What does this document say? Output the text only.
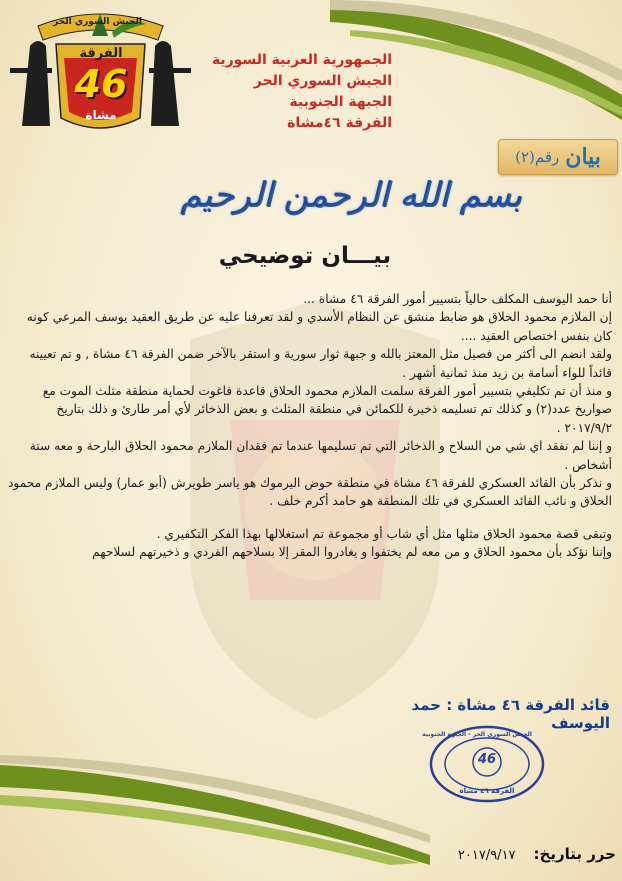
الجيش السوري الحر
الفرقة
46
مشاة
الجمهورية العربية السورية
الجيش السوري الحر
الجبهة الجنوبية
الفرقة ٤٦مشاة
بيان
رقم(٢)
بسم الله الرحمن الرحيم
بيـــان توضيحي

أنا حمد اليوسف المكلف حالياً بتسيير أمور الفرقة ٤٦ مشاة ...

إن الملازم محمود الحلاق هو ضابط منشق عن النظام الأسدي و لقد تعرفنا عليه عن طريق العقيد يوسف المرعي كونه كان بنفس اختصاص العقيد ....

ولقد انضم الى أكثر من فصيل مثل المعتز بالله و جبهة ثوار سورية و استقر بالآخر ضمن الفرقة ٤٦ مشاة , و تم تعيينه قائداً للواء أسامة بن زيد منذ ثمانية أشهر .

و منذ أن تم تكليفي بتسيير أمور الفرقة سلمت الملازم محمود الحلاق قاعدة فاغوت لحماية منطقة مثلث الموت مع صواريخ عدد(٢) و كذلك تم تسليمه ذخيرة للكمائن في منطقة المثلث و بعض الذخائر لأي أمر طارئ و ذلك بتاريخ ٢٠١٧/٩/٢ .

و إننا لم نفقد اي شي من السلاح و الذخائر التي تم تسليمها عندما تم فقدان الملازم محمود الحلاق البارحة و معه ستة أشخاص .

و نذكر بأن القائد العسكري للفرقة ٤٦ مشاة في منطقة حوض اليرموك هو ياسر طويرش (أبو عمار) وليس الملازم محمود الحلاق و نائب القائد العسكري في تلك المنطقة هو حامد أكرم خلف .

وتبقى قصة محمود الحلاق مثلها مثل أي شاب أو مجموعة تم استغلالها بهذا الفكر التكفيري .

وإننا نؤكد بأن محمود الحلاق و من معه لم يختفوا و يغادروا المقر إلا بسلاحهم الفردي و ذخيرتهم لسلاحهم

قائد الفرقة ٤٦ مشاة : حمد اليوسف
الجيش السوري الحر - الجبهة الجنوبية
46
الفرقة ٤٦ مشاة
حرر بتاريخ:
٢٠١٧/٩/١٧
